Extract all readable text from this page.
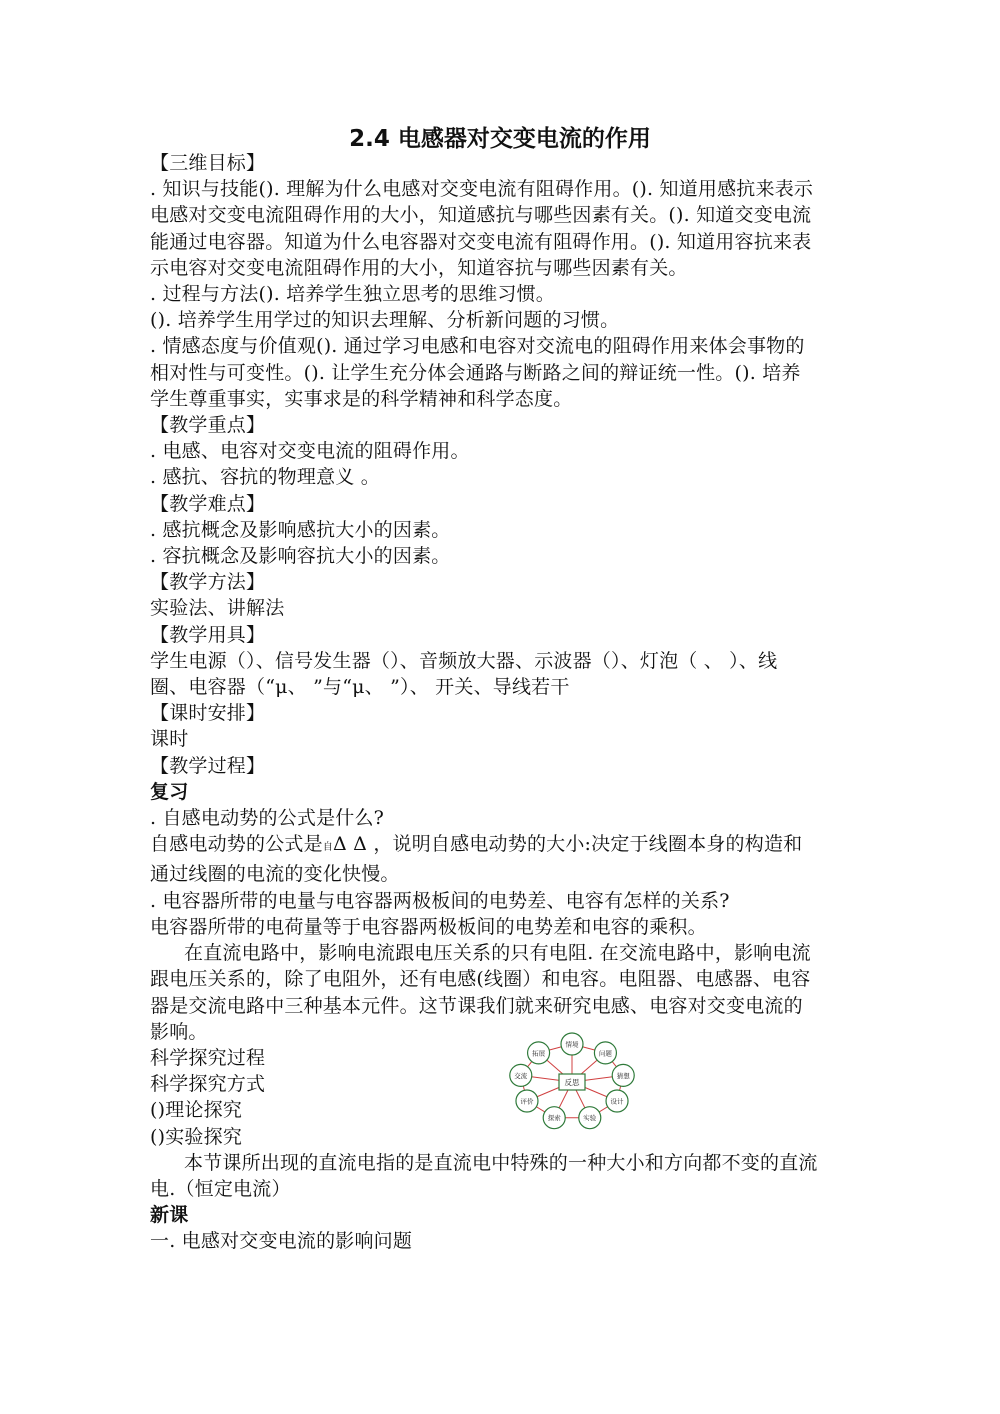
2.4 电感器对交变电流的作用
【三维目标】
. 知识与技能(). 理解为什么电感对交变电流有阻碍作用。(). 知道用感抗来表示
电感对交变电流阻碍作用的大小，知道感抗与哪些因素有关。(). 知道交变电流
能通过电容器。知道为什么电容器对交变电流有阻碍作用。(). 知道用容抗来表
示电容对交变电流阻碍作用的大小，知道容抗与哪些因素有关。
. 过程与方法(). 培养学生独立思考的思维习惯。
(). 培养学生用学过的知识去理解、分析新问题的习惯。
. 情感态度与价值观(). 通过学习电感和电容对交流电的阻碍作用来体会事物的
相对性与可变性。(). 让学生充分体会通路与断路之间的辩证统一性。(). 培养
学生尊重事实，实事求是的科学精神和科学态度。
【教学重点】
. 电感、电容对交变电流的阻碍作用。
. 感抗、容抗的物理意义 。
【教学难点】
. 感抗概念及影响感抗大小的因素。
. 容抗概念及影响容抗大小的因素。
【教学方法】
实验法、讲解法
【教学用具】
学生电源（）、信号发生器（）、音频放大器、示波器（）、灯泡（ 、 ）、线
圈、电容器（“μ、 ”与“μ、 ”）、 开关、导线若干
【课时安排】
课时
【教学过程】
复习
. 自感电动势的公式是什么?
自感电动势的公式是自Δ Δ ，说明自感电动势的大小:决定于线圈本身的构造和
通过线圈的电流的变化快慢。
. 电容器所带的电量与电容器两极板间的电势差、电容有怎样的关系?
电容器所带的电荷量等于电容器两极板间的电势差和电容的乘积。
在直流电路中，影响电流跟电压关系的只有电阻. 在交流电路中，影响电流
跟电压关系的，除了电阻外，还有电感(线圈）和电容。电阻器、电感器、电容
器是交流电路中三种基本元件。这节课我们就来研究电感、电容对交变电流的
影响。
科学探究过程
科学探究方式
()理论探究
()实验探究
本节课所出现的直流电指的是直流电中特殊的一种大小和方向都不变的直流
电.（恒定电流）
新课
一. 电感对交变电流的影响问题
情境
问题
猜想
设计
实验
探索
评价
交流
拓展
反思
